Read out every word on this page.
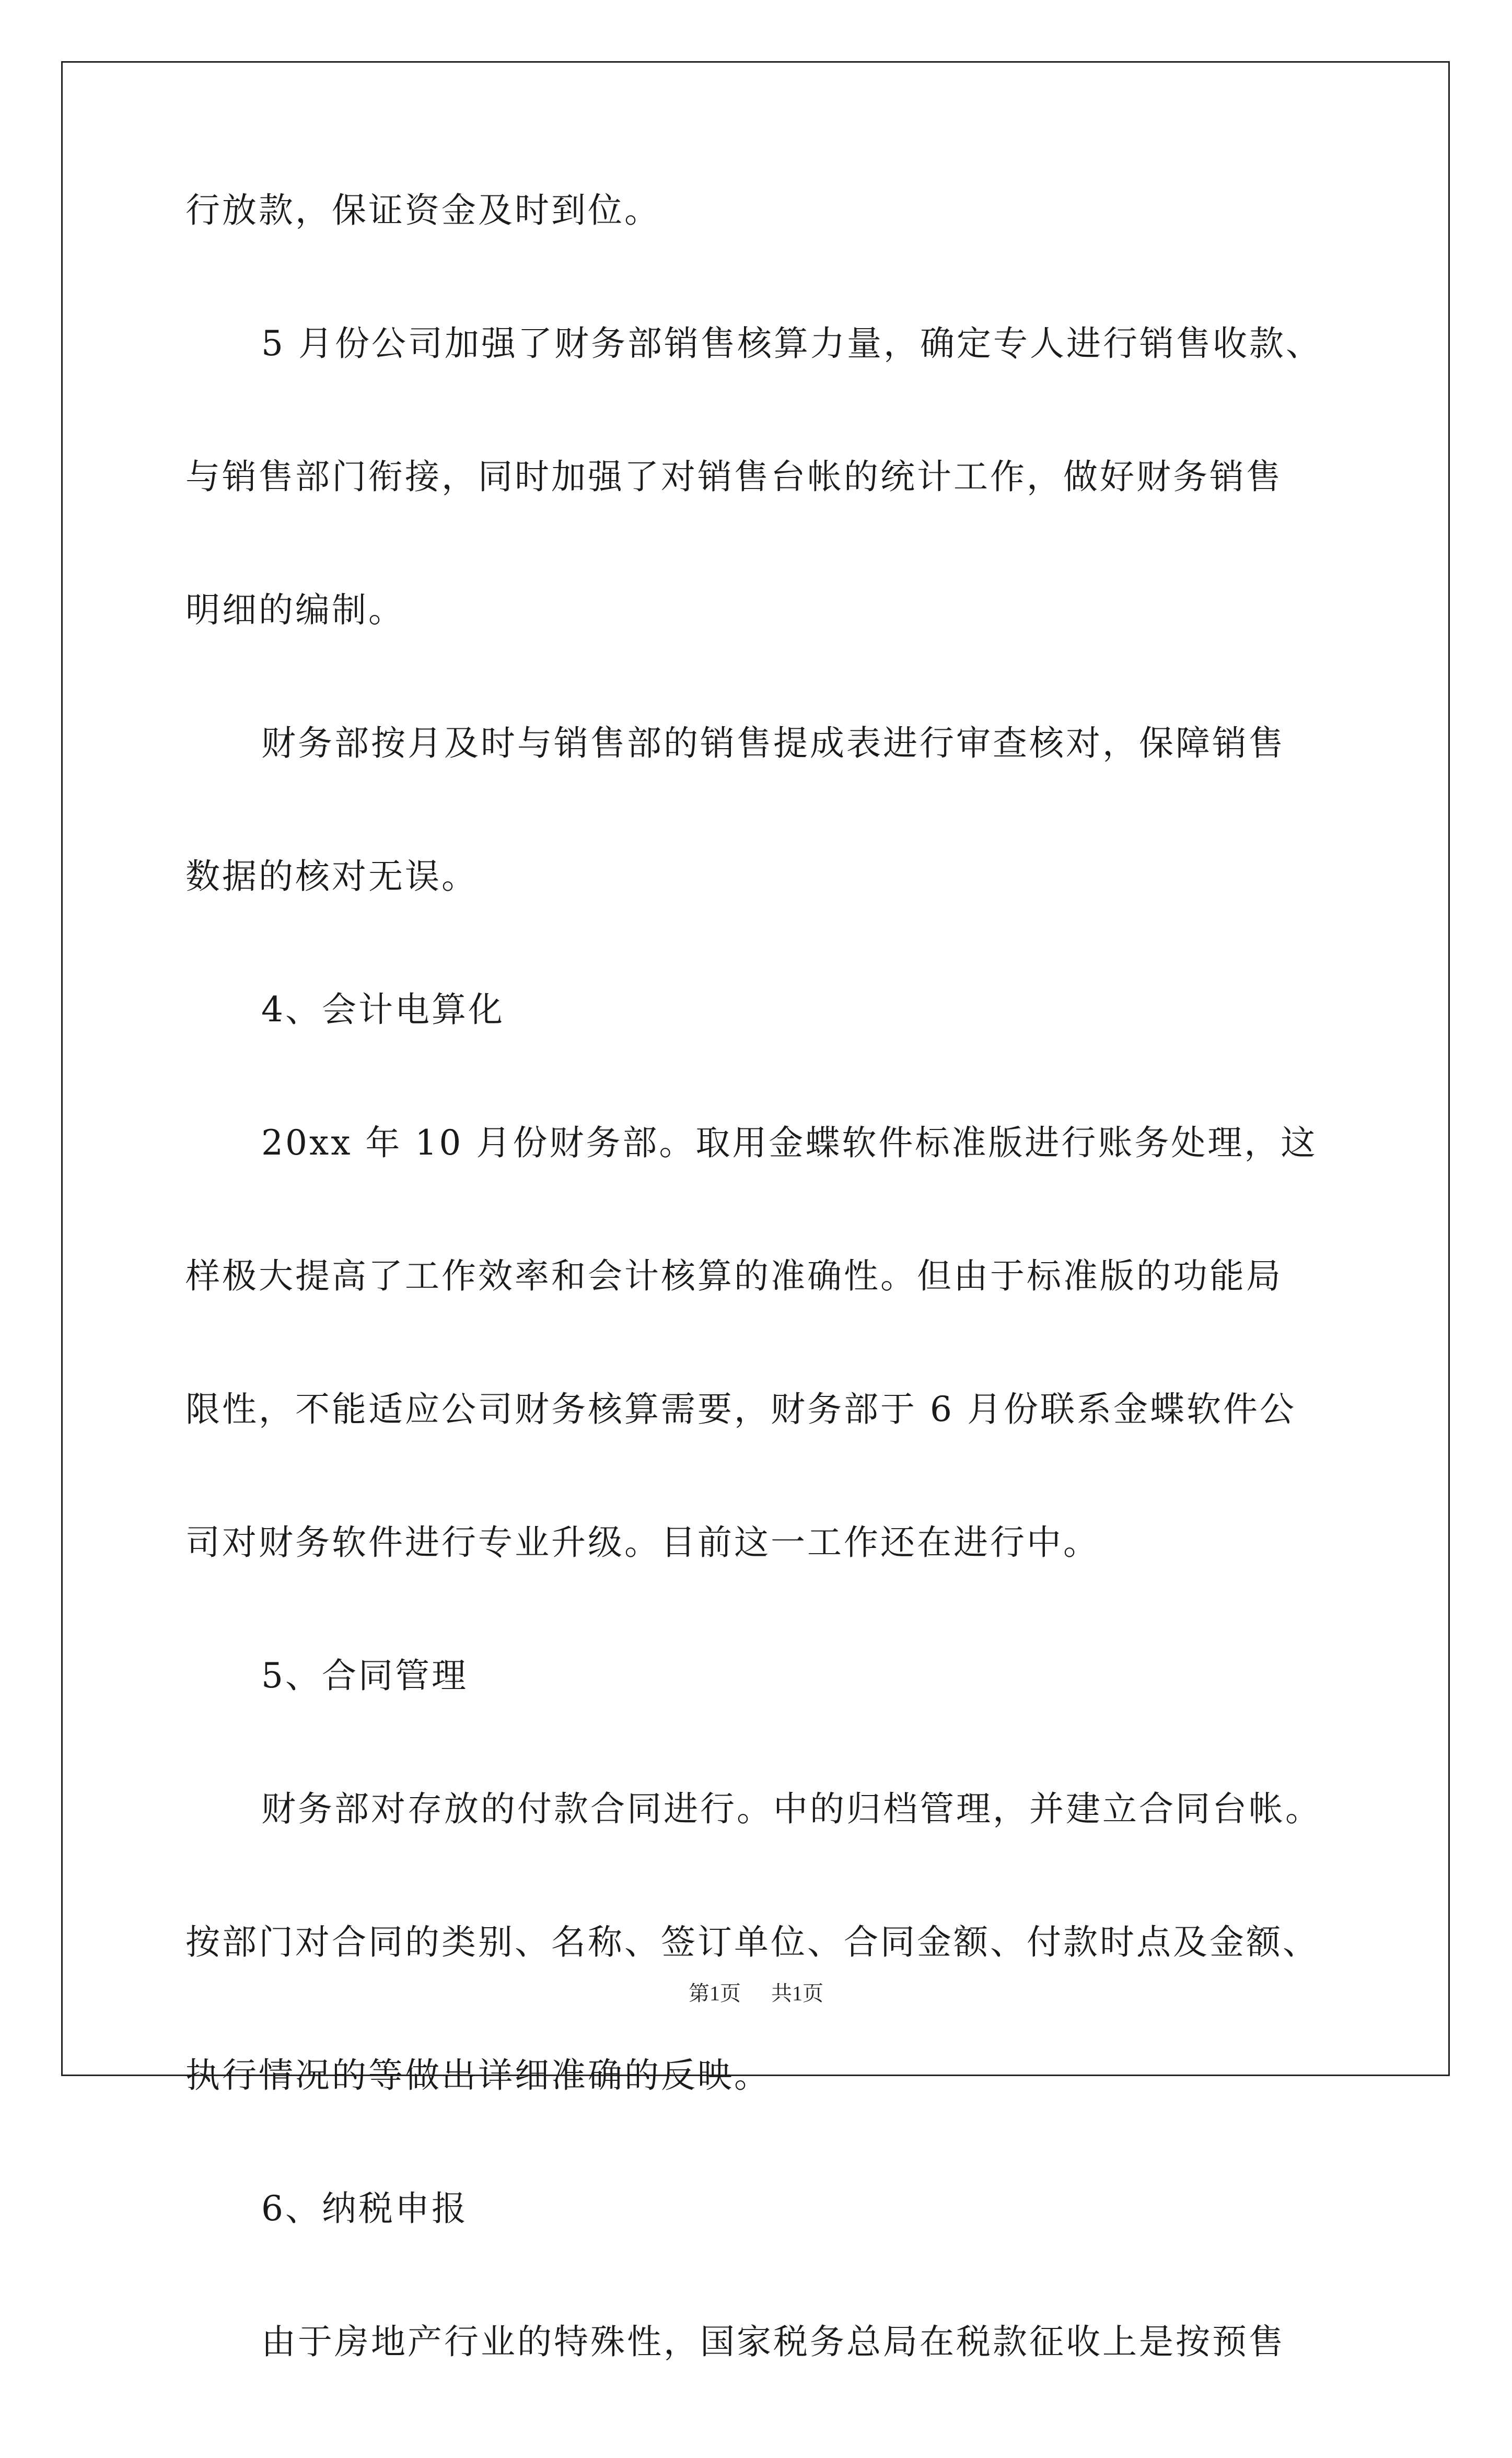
行放款，保证资金及时到位。

5 月份公司加强了财务部销售核算力量，确定专人进行销售收款、

与销售部门衔接，同时加强了对销售台帐的统计工作，做好财务销售

明细的编制。

财务部按月及时与销售部的销售提成表进行审查核对，保障销售

数据的核对无误。

4、会计电算化

20xx 年 10 月份财务部。取用金蝶软件标准版进行账务处理，这

样极大提高了工作效率和会计核算的准确性。但由于标准版的功能局

限性，不能适应公司财务核算需要，财务部于 6 月份联系金蝶软件公

司对财务软件进行专业升级。目前这一工作还在进行中。

5、合同管理

财务部对存放的付款合同进行。中的归档管理，并建立合同台帐。

按部门对合同的类别、名称、签订单位、合同金额、付款时点及金额、

执行情况的等做出详细准确的反映。

6、纳税申报

由于房地产行业的特殊性，国家税务总局在税款征收上是按预售

第1页 共1页
